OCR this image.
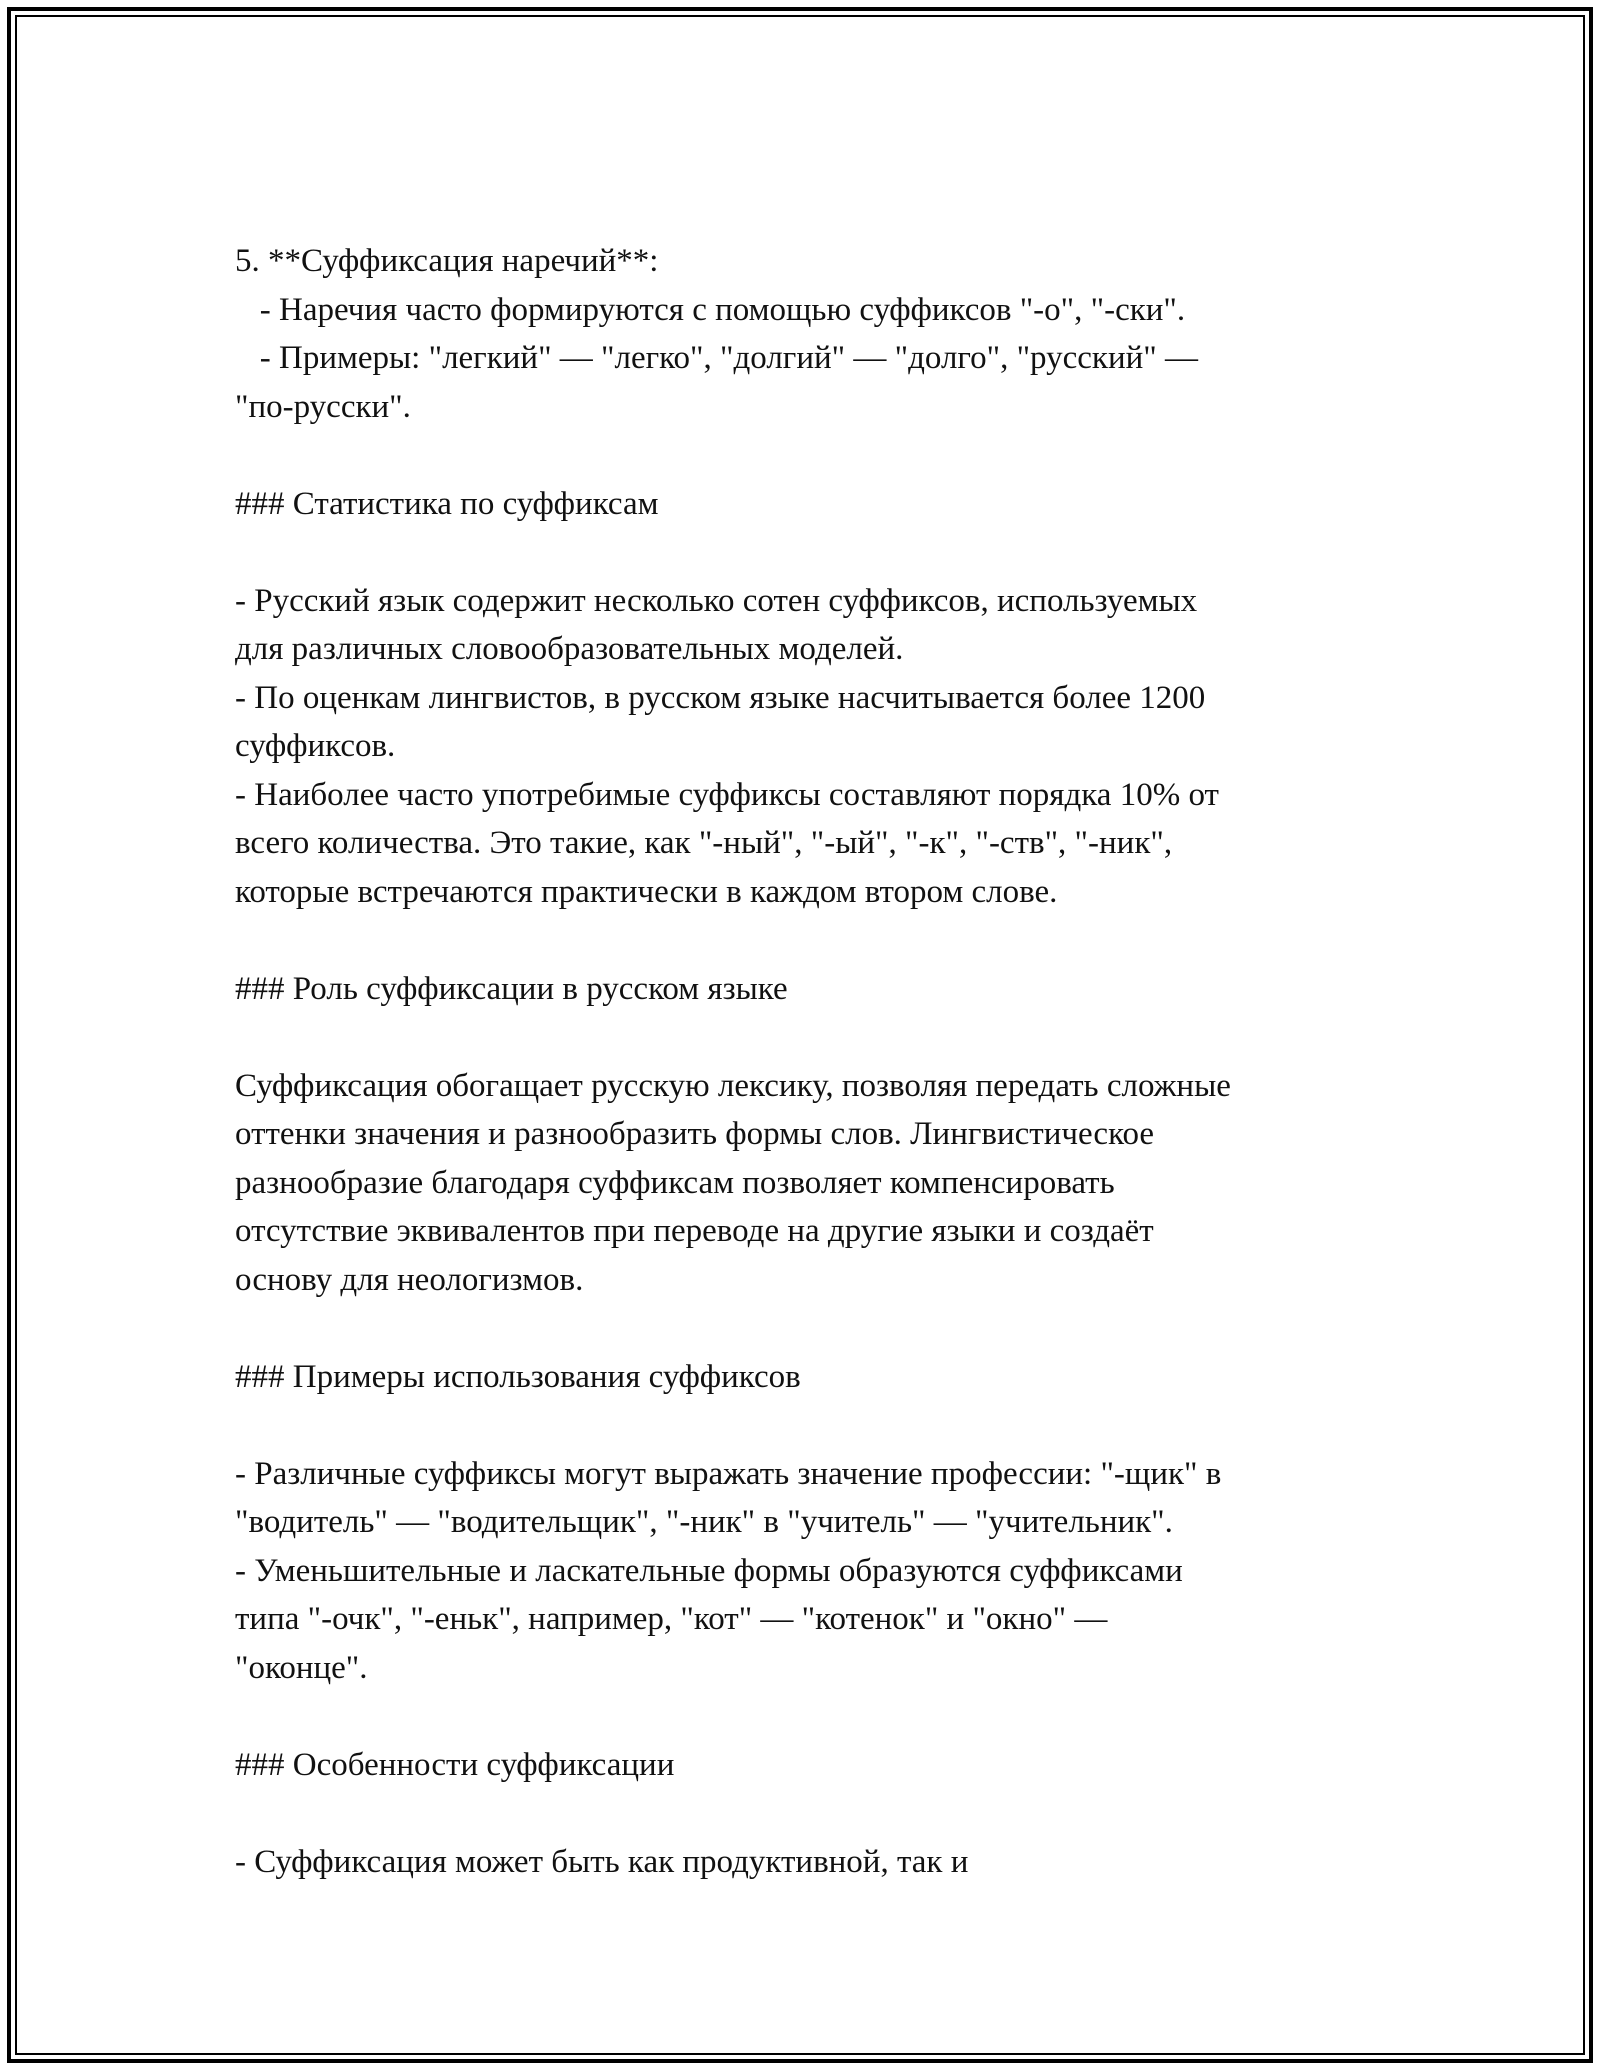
5. **Суффиксация наречий**:

- Наречия часто формируются с помощью суффиксов "-о", "-ски".

- Примеры: "легкий" — "легко", "долгий" — "долго", "русский" —

"по-русски".

### Статистика по суффиксам

- Русский язык содержит несколько сотен суффиксов, используемых

для различных словообразовательных моделей.

- По оценкам лингвистов, в русском языке насчитывается более 1200

суффиксов.

- Наиболее часто употребимые суффиксы составляют порядка 10% от

всего количества. Это такие, как "-ный", "-ый", "-к", "-ств", "-ник",

которые встречаются практически в каждом втором слове.

### Роль суффиксации в русском языке

Суффиксация обогащает русскую лексику, позволяя передать сложные

оттенки значения и разнообразить формы слов. Лингвистическое

разнообразие благодаря суффиксам позволяет компенсировать

отсутствие эквивалентов при переводе на другие языки и создаёт

основу для неологизмов.

### Примеры использования суффиксов

- Различные суффиксы могут выражать значение профессии: "-щик" в

"водитель" — "водительщик", "-ник" в "учитель" — "учительник".

- Уменьшительные и ласкательные формы образуются суффиксами

типа "-очк", "-еньк", например, "кот" — "котенок" и "окно" —

"оконце".

### Особенности суффиксации

- Суффиксация может быть как продуктивной, так и
